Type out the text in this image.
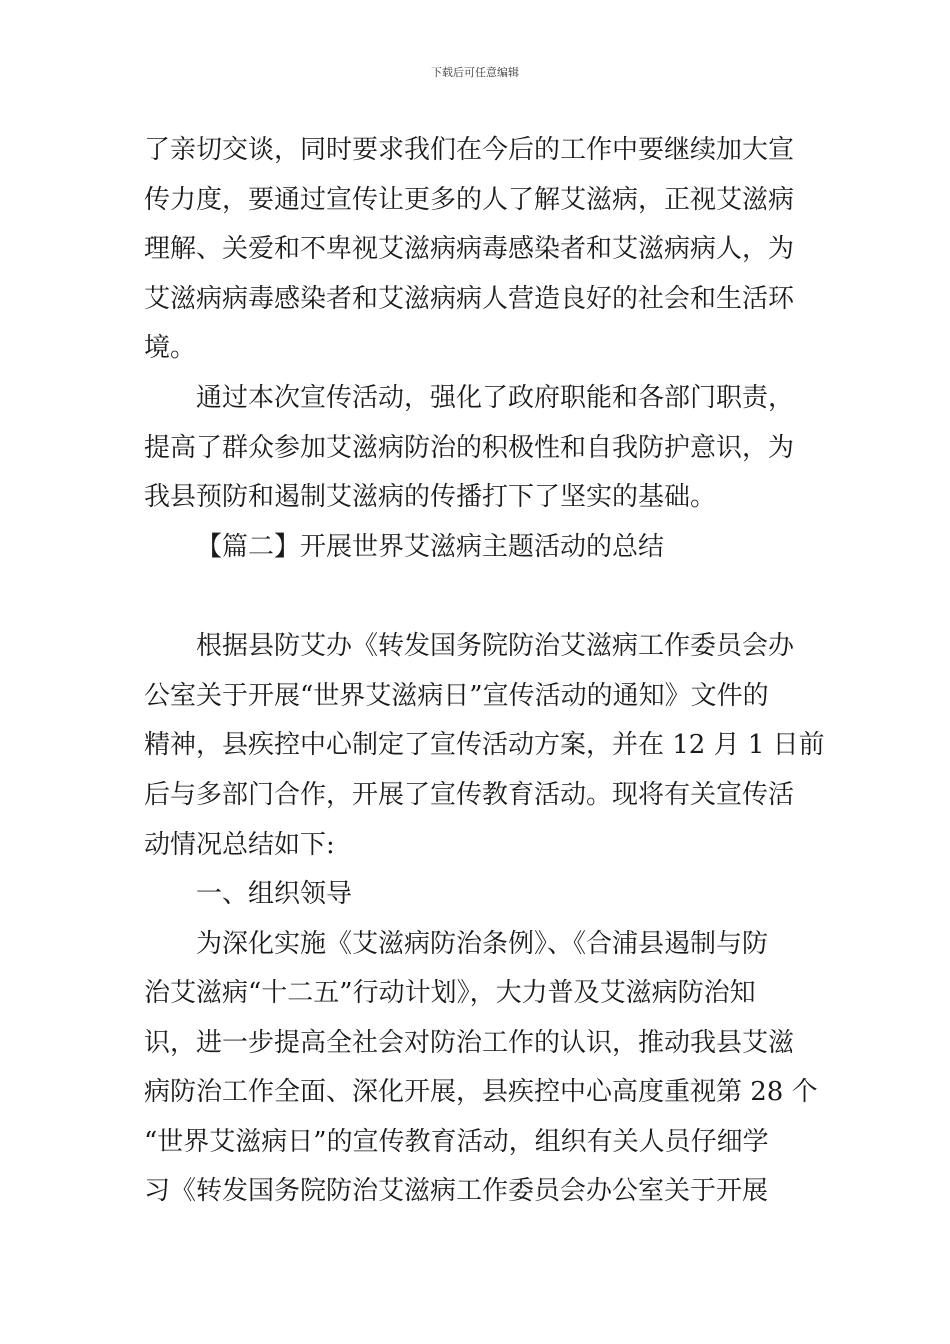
下载后可任意编辑
了亲切交谈，同时要求我们在今后的工作中要继续加大宣
传力度，要通过宣传让更多的人了解艾滋病，正视艾滋病
理解、关爱和不卑视艾滋病病毒感染者和艾滋病病人，为
艾滋病病毒感染者和艾滋病病人营造良好的社会和生活环
境。
通过本次宣传活动，强化了政府职能和各部门职责，
提高了群众参加艾滋病防治的积极性和自我防护意识，为
我县预防和遏制艾滋病的传播打下了坚实的基础。
【篇二】开展世界艾滋病主题活动的总结
根据县防艾办《转发国务院防治艾滋病工作委员会办
公室关于开展“世界艾滋病日”宣传活动的通知》文件的
精神，县疾控中心制定了宣传活动方案，并在 12 月 1 日前
后与多部门合作，开展了宣传教育活动。现将有关宣传活
动情况总结如下:
一、组织领导
为深化实施《艾滋病防治条例》、《合浦县遏制与防
治艾滋病“十二五”行动计划》，大力普及艾滋病防治知
识，进一步提高全社会对防治工作的认识，推动我县艾滋
病防治工作全面、深化开展，县疾控中心高度重视第 28 个
“世界艾滋病日”的宣传教育活动，组织有关人员仔细学
习《转发国务院防治艾滋病工作委员会办公室关于开展
